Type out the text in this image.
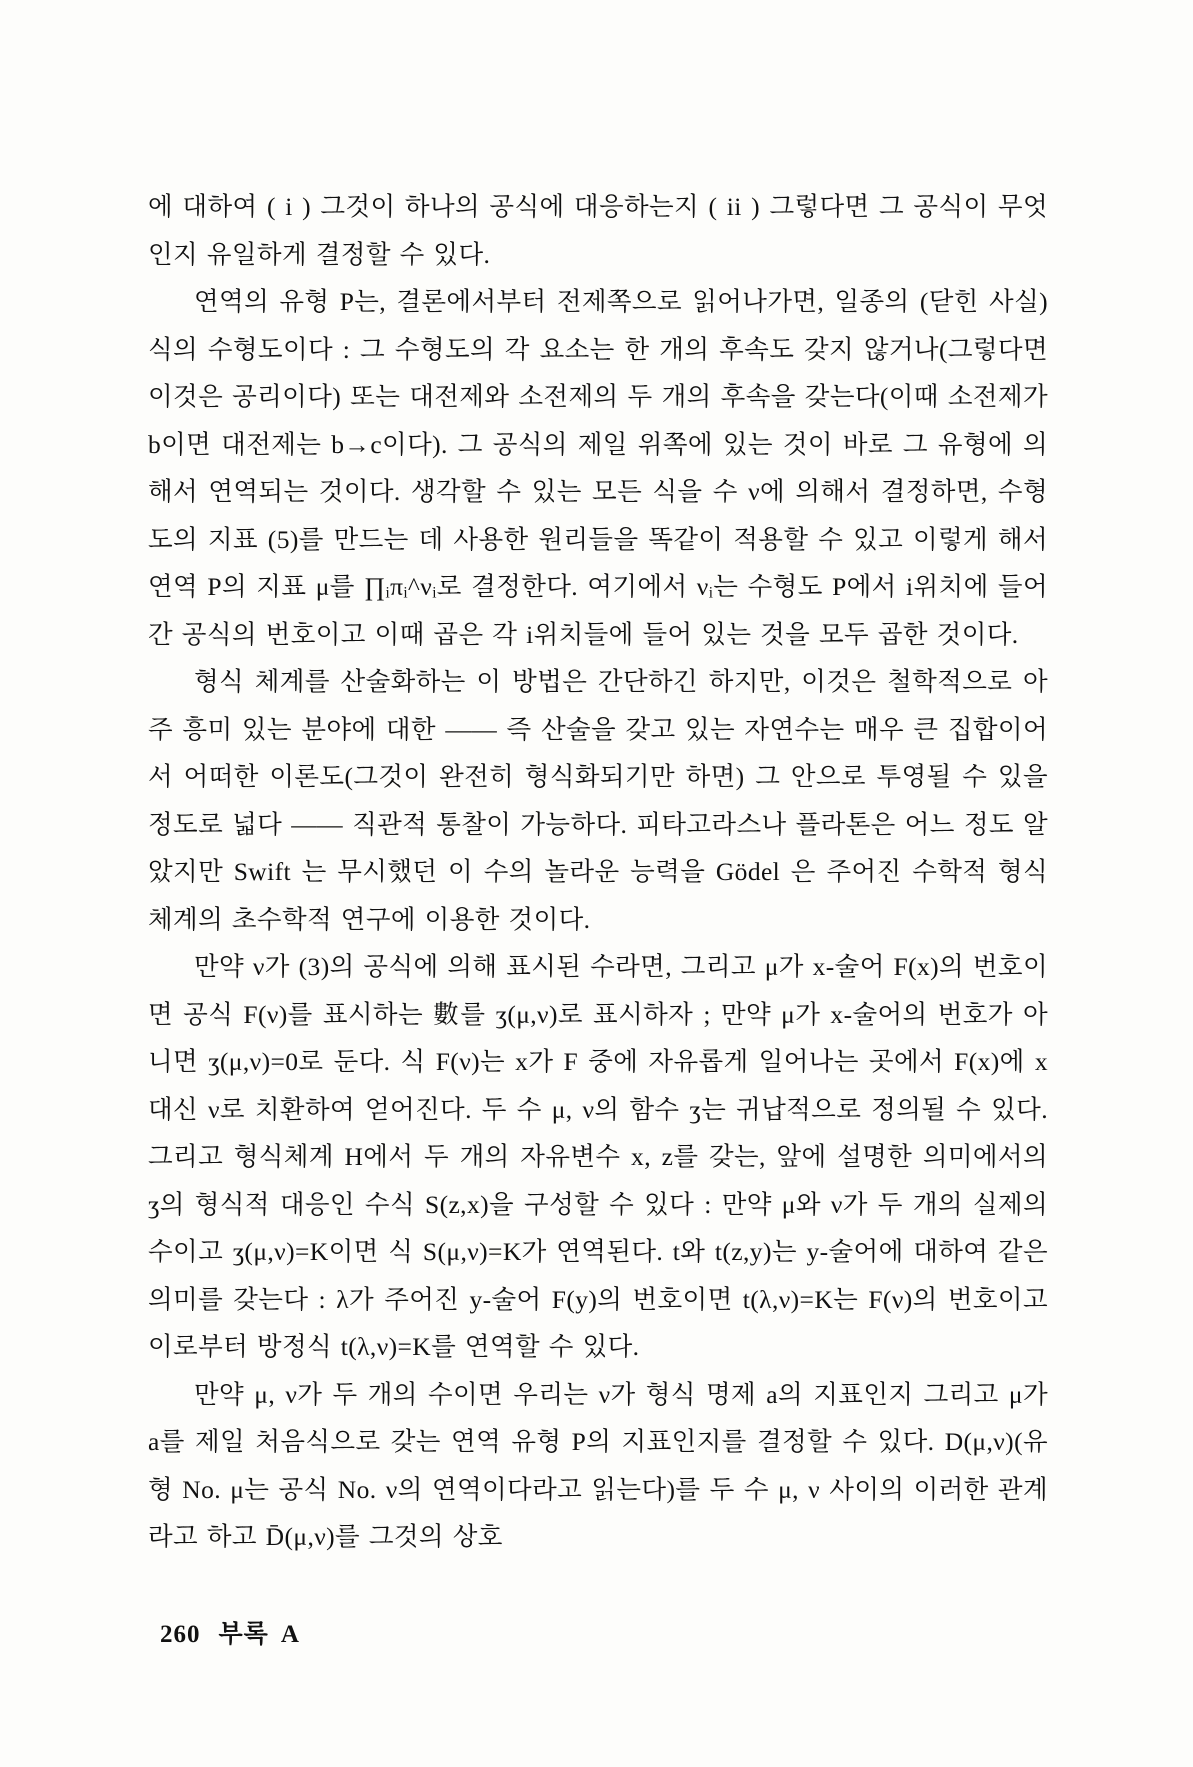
에 대하여 ( i ) 그것이 하나의 공식에 대응하는지 ( ii ) 그렇다면 그 공식이 무엇인지 유일하게 결정할 수 있다.

연역의 유형 P는, 결론에서부터 전제쪽으로 읽어나가면, 일종의 (닫힌 사실) 식의 수형도이다 : 그 수형도의 각 요소는 한 개의 후속도 갖지 않거나(그렇다면 이것은 공리이다) 또는 대전제와 소전제의 두 개의 후속을 갖는다(이때 소전제가 b이면 대전제는 b→c이다). 그 공식의 제일 위쪽에 있는 것이 바로 그 유형에 의해서 연역되는 것이다. 생각할 수 있는 모든 식을 수 ν에 의해서 결정하면, 수형도의 지표 (5)를 만드는 데 사용한 원리들을 똑같이 적용할 수 있고 이렇게 해서 연역 P의 지표 μ를 ∏ᵢπᵢ^νᵢ로 결정한다. 여기에서 νᵢ는 수형도 P에서 i위치에 들어간 공식의 번호이고 이때 곱은 각 i위치들에 들어 있는 것을 모두 곱한 것이다.

형식 체계를 산술화하는 이 방법은 간단하긴 하지만, 이것은 철학적으로 아주 흥미 있는 분야에 대한 —— 즉 산술을 갖고 있는 자연수는 매우 큰 집합이어서 어떠한 이론도(그것이 완전히 형식화되기만 하면) 그 안으로 투영될 수 있을 정도로 넓다 —— 직관적 통찰이 가능하다. 피타고라스나 플라톤은 어느 정도 알았지만 Swift 는 무시했던 이 수의 놀라운 능력을 Gödel 은 주어진 수학적 형식체계의 초수학적 연구에 이용한 것이다.

만약 ν가 (3)의 공식에 의해 표시된 수라면, 그리고 μ가 x-술어 F(x)의 번호이면 공식 F(ν)를 표시하는 數를 ʒ(μ,ν)로 표시하자 ; 만약 μ가 x-술어의 번호가 아니면 ʒ(μ,ν)=0로 둔다. 식 F(ν)는 x가 F 중에 자유롭게 일어나는 곳에서 F(x)에 x대신 ν로 치환하여 얻어진다. 두 수 μ, ν의 함수 ʒ는 귀납적으로 정의될 수 있다. 그리고 형식체계 H에서 두 개의 자유변수 x, z를 갖는, 앞에 설명한 의미에서의 ʒ의 형식적 대응인 수식 S(z,x)을 구성할 수 있다 : 만약 μ와 ν가 두 개의 실제의 수이고 ʒ(μ,ν)=K이면 식 S(μ,ν)=K가 연역된다. t와 t(z,y)는 y-술어에 대하여 같은 의미를 갖는다 : λ가 주어진 y-술어 F(y)의 번호이면 t(λ,ν)=K는 F(ν)의 번호이고 이로부터 방정식 t(λ,ν)=K를 연역할 수 있다.

만약 μ, ν가 두 개의 수이면 우리는 ν가 형식 명제 a의 지표인지 그리고 μ가 a를 제일 처음식으로 갖는 연역 유형 P의 지표인지를 결정할 수 있다. D(μ,ν)(유형 No. μ는 공식 No. ν의 연역이다라고 읽는다)를 두 수 μ, ν 사이의 이러한 관계라고 하고 D̄(μ,ν)를 그것의 상호

260 부록 A
